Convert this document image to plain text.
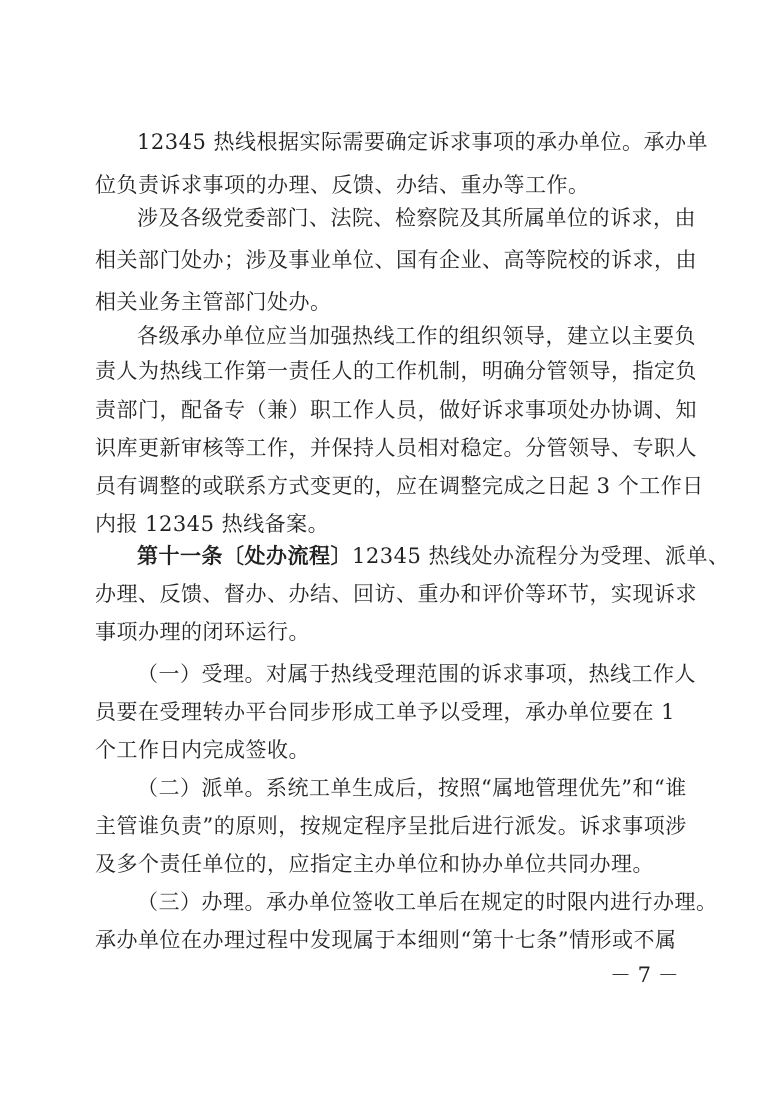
12345 热线根据实际需要确定诉求事项的承办单位。承办单
位负责诉求事项的办理、反馈、办结、重办等工作。
涉及各级党委部门、法院、检察院及其所属单位的诉求，由
相关部门处办；涉及事业单位、国有企业、高等院校的诉求，由
相关业务主管部门处办。
各级承办单位应当加强热线工作的组织领导，建立以主要负
责人为热线工作第一责任人的工作机制，明确分管领导，指定负
责部门，配备专（兼）职工作人员，做好诉求事项处办协调、知
识库更新审核等工作，并保持人员相对稳定。分管领导、专职人
员有调整的或联系方式变更的，应在调整完成之日起 3 个工作日
内报 12345 热线备案。
第十一条〔处办流程〕12345 热线处办流程分为受理、派单、
办理、反馈、督办、办结、回访、重办和评价等环节，实现诉求
事项办理的闭环运行。
（一）受理。对属于热线受理范围的诉求事项，热线工作人
员要在受理转办平台同步形成工单予以受理，承办单位要在 1
个工作日内完成签收。
（二）派单。系统工单生成后，按照“属地管理优先”和“谁
主管谁负责”的原则，按规定程序呈批后进行派发。诉求事项涉
及多个责任单位的，应指定主办单位和协办单位共同办理。
（三）办理。承办单位签收工单后在规定的时限内进行办理。
承办单位在办理过程中发现属于本细则“第十七条”情形或不属
－ 7 －
